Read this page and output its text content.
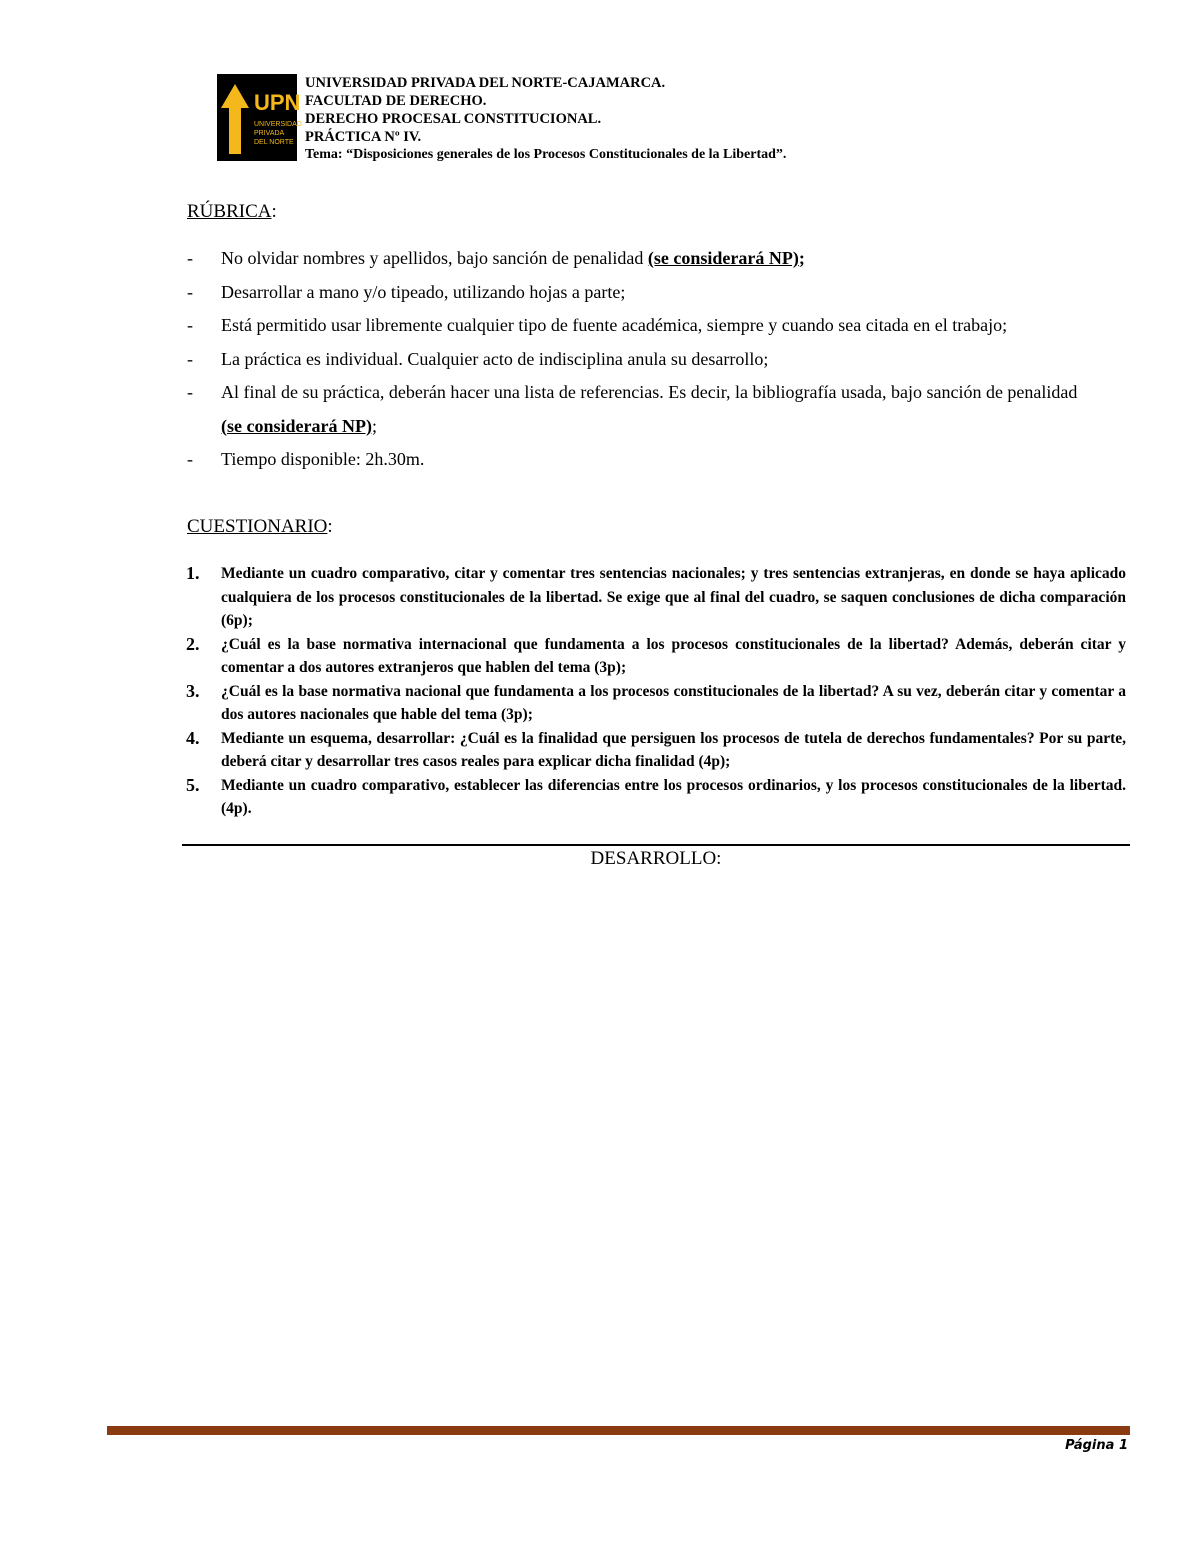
UPN
UNIVERSIDAD
PRIVADA
DEL NORTE
UNIVERSIDAD PRIVADA DEL NORTE-CAJAMARCA.
FACULTAD DE DERECHO.
DERECHO PROCESAL CONSTITUCIONAL.
PRÁCTICA Nº IV.
Tema: “Disposiciones generales de los Procesos Constitucionales de la Libertad”.
RÚBRICA:
-	No olvidar nombres y apellidos, bajo sanción de penalidad (se considerará NP);
-	Desarrollar a mano y/o tipeado, utilizando hojas a parte;
-	Está permitido usar libremente cualquier tipo de fuente académica, siempre y cuando sea citada en el trabajo;
-	La práctica es individual. Cualquier acto de indisciplina anula su desarrollo;
-	Al final de su práctica, deberán hacer una lista de referencias. Es decir, la bibliografía usada, bajo sanción de penalidad (se considerará NP);
-	Tiempo disponible: 2h.30m.
CUESTIONARIO:
1.	Mediante un cuadro comparativo, citar y comentar tres sentencias nacionales; y tres sentencias extranjeras, en donde se haya aplicado cualquiera de los procesos constitucionales de la libertad. Se exige que al final del cuadro, se saquen conclusiones de dicha comparación (6p);
2.	¿Cuál es la base normativa internacional que fundamenta a los procesos constitucionales de la libertad? Además, deberán citar y comentar a dos autores extranjeros que hablen del tema (3p);
3.	¿Cuál es la base normativa nacional que fundamenta a los procesos constitucionales de la libertad? A su vez, deberán citar y comentar a dos autores nacionales que hable del tema (3p);
4.	Mediante un esquema, desarrollar: ¿Cuál es la finalidad que persiguen los procesos de tutela de derechos fundamentales? Por su parte, deberá citar y desarrollar tres casos reales para explicar dicha finalidad (4p);
5.	Mediante un cuadro comparativo, establecer las diferencias entre los procesos ordinarios, y los procesos constitucionales de la libertad. (4p).
DESARROLLO:
Página 1
